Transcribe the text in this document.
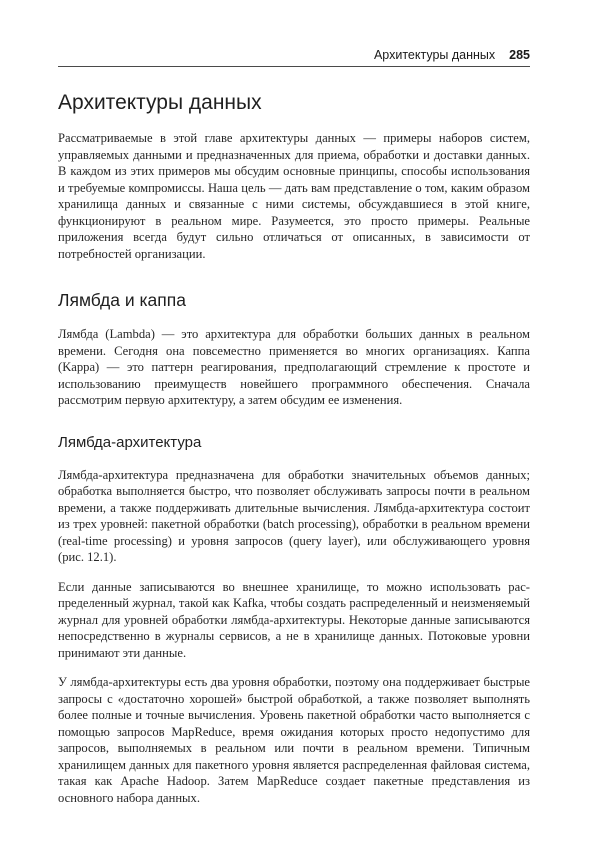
Архитектуры данных 285
Архитектуры данных

Рассматриваемые в этой главе архитектуры данных — примеры наборов систем, управляемых данными и предназначенных для приема, обработки и доставки данных. В каждом из этих примеров мы обсудим основные принципы, способы использования и требуемые компромиссы. Наша цель — дать вам представление о том, каким образом хранилища данных и связанные с ними системы, обсуждавшиеся в этой книге, функционируют в реальном мире. Разумеется, это просто примеры. Реальные приложения всегда будут сильно отличаться от описанных, в зависимости от потребностей организации.

Лямбда и каппа

Лямбда (Lambda) — это архитектура для обработки больших данных в реальном времени. Сегодня она повсеместно применяется во многих организациях. Каппа (Kappa) — это паттерн реагирования, предполагающий стремление к простоте и использованию преимуществ новейшего программного обеспечения. Сначала рассмотрим первую архитектуру, а затем обсудим ее изменения.

Лямбда-архитектура

Лямбда-архитектура предназначена для обработки значительных объемов данных; обработка выполняется быстро, что позволяет обслуживать запросы почти в реальном времени, а также поддерживать длительные вычисления. Лямбда-архитектура состоит из трех уровней: пакетной обработки (batch processing), обработки в реальном времени (real-time processing) и уровня запросов (query layer), или обслуживающего уровня (рис. 12.1).

Если данные записываются во внешнее хранилище, то можно использовать распределенный журнал, такой как Kafka, чтобы создать распределенный и неизменяемый журнал для уровней обработки лямбда-архитектуры. Некоторые данные записываются непосредственно в журналы сервисов, а не в хранилище данных. Потоковые уровни принимают эти данные.

У лямбда-архитектуры есть два уровня обработки, поэтому она поддерживает быстрые запросы с «достаточно хорошей» быстрой обработкой, а также позволяет выполнять более полные и точные вычисления. Уровень пакетной обработки часто выполняется с помощью запросов MapReduce, время ожидания которых просто недопустимо для запросов, выполняемых в реальном или почти в реальном времени. Типичным хранилищем данных для пакетного уровня является распределенная файловая система, такая как Apache Hadoop. Затем MapReduce создает пакетные представления из основного набора данных.
